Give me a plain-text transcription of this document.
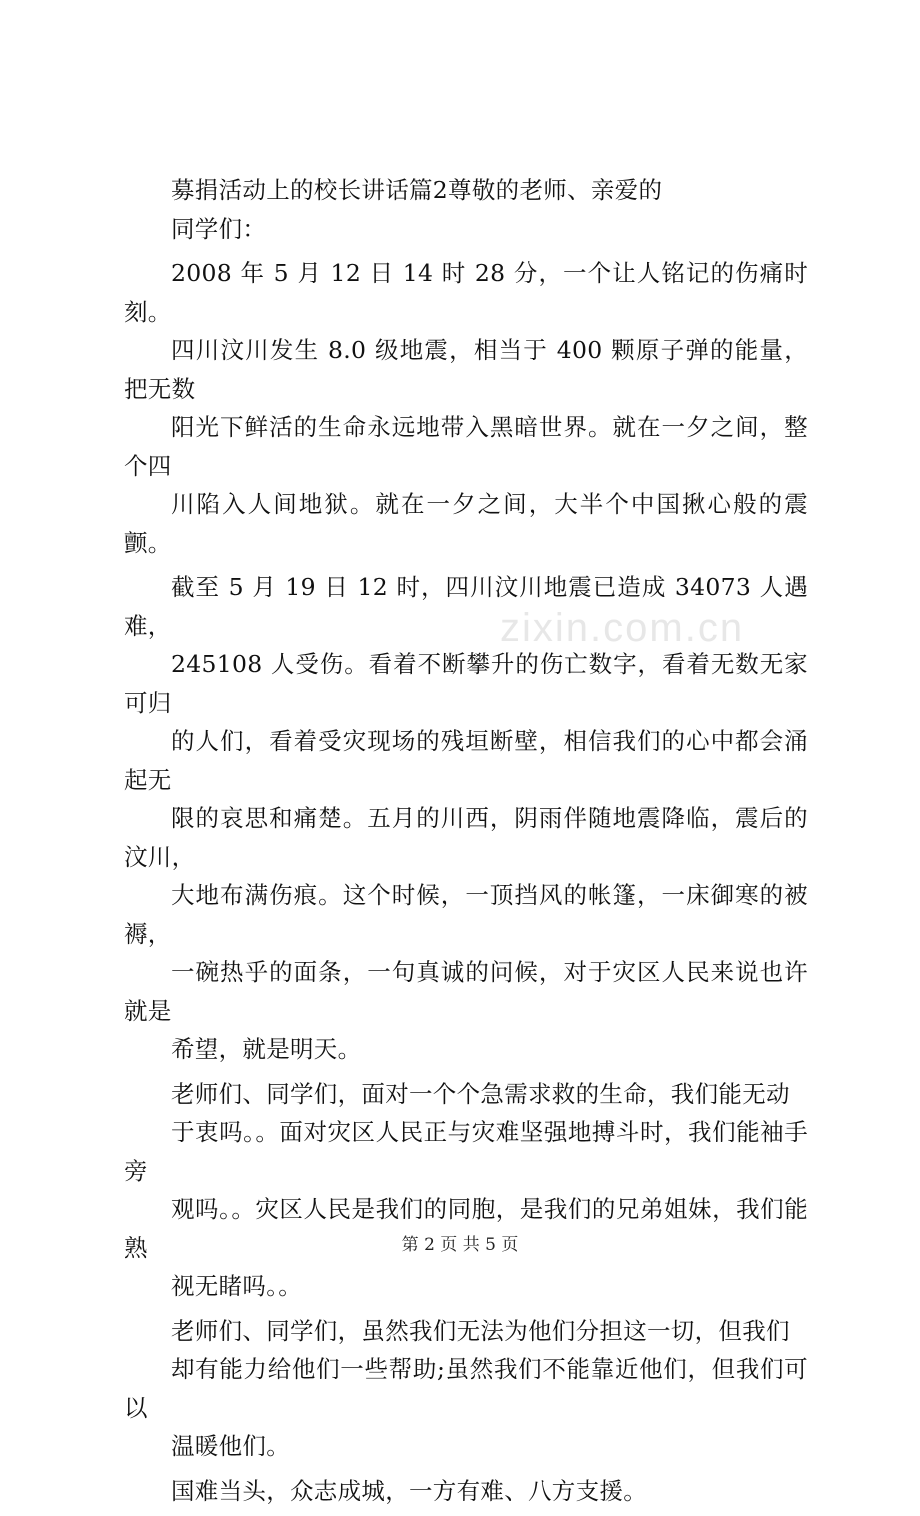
募捐活动上的校长讲话篇2尊敬的老师、亲爱的
同学们：

2008 年 5 月 12 日 14 时 28 分，一个让人铭记的伤痛时刻。
四川汶川发生 8.0 级地震，相当于 400 颗原子弹的能量，把无数
阳光下鲜活的生命永远地带入黑暗世界。就在一夕之间，整个四
川陷入人间地狱。就在一夕之间，大半个中国揪心般的震颤。

截至 5 月 19 日 12 时，四川汶川地震已造成 34073 人遇难，
245108 人受伤。看着不断攀升的伤亡数字，看着无数无家可归
的人们，看着受灾现场的残垣断壁，相信我们的心中都会涌起无
限的哀思和痛楚。五月的川西，阴雨伴随地震降临，震后的汶川，
大地布满伤痕。这个时候，一顶挡风的帐篷，一床御寒的被褥，
一碗热乎的面条，一句真诚的问候，对于灾区人民来说也许就是
希望，就是明天。

老师们、同学们，面对一个个急需求救的生命，我们能无动
于衷吗。。面对灾区人民正与灾难坚强地搏斗时，我们能袖手旁
观吗。。灾区人民是我们的同胞，是我们的兄弟姐妹，我们能熟
视无睹吗。。

老师们、同学们，虽然我们无法为他们分担这一切，但我们
却有能力给他们一些帮助;虽然我们不能靠近他们，但我们可以
温暖他们。

国难当头，众志成城，一方有难、八方支援。

zixin.com.cn
第 2 页 共 5 页
